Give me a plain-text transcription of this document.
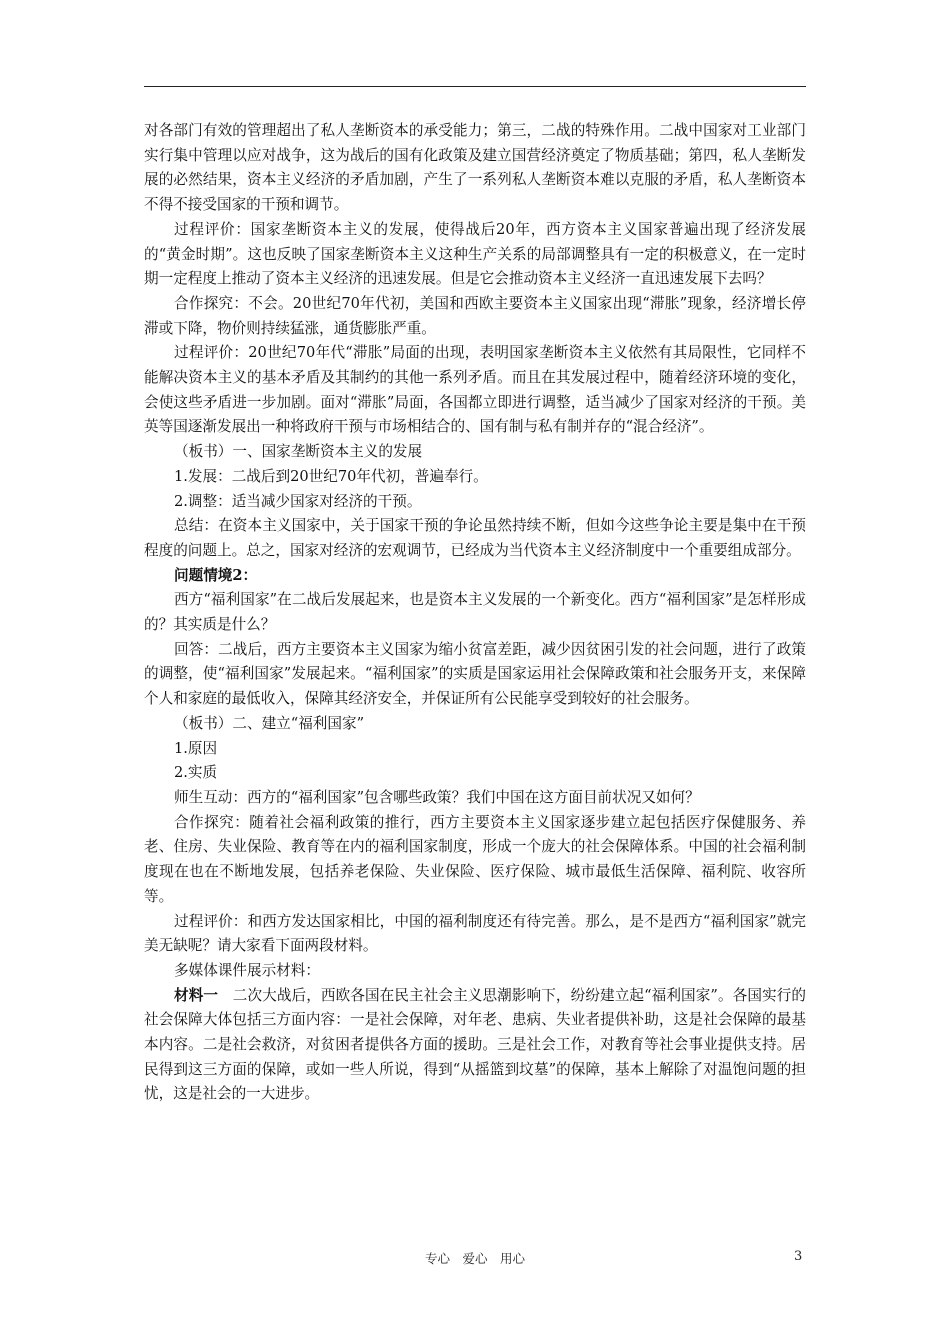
对各部门有效的管理超出了私人垄断资本的承受能力；第三，二战的特殊作用。二战中国家对工业部门实行集中管理以应对战争，这为战后的国有化政策及建立国营经济奠定了物质基础；第四，私人垄断发展的必然结果，资本主义经济的矛盾加剧，产生了一系列私人垄断资本难以克服的矛盾，私人垄断资本不得不接受国家的干预和调节。

过程评价：国家垄断资本主义的发展，使得战后20年，西方资本主义国家普遍出现了经济发展的“黄金时期”。这也反映了国家垄断资本主义这种生产关系的局部调整具有一定的积极意义，在一定时期一定程度上推动了资本主义经济的迅速发展。但是它会推动资本主义经济一直迅速发展下去吗？

合作探究：不会。20世纪70年代初，美国和西欧主要资本主义国家出现“滞胀”现象，经济增长停滞或下降，物价则持续猛涨，通货膨胀严重。

过程评价：20世纪70年代“滞胀”局面的出现，表明国家垄断资本主义依然有其局限性，它同样不能解决资本主义的基本矛盾及其制约的其他一系列矛盾。而且在其发展过程中，随着经济环境的变化，会使这些矛盾进一步加剧。面对“滞胀”局面，各国都立即进行调整，适当减少了国家对经济的干预。美英等国逐渐发展出一种将政府干预与市场相结合的、国有制与私有制并存的“混合经济”。

（板书）一、国家垄断资本主义的发展

1.发展：二战后到20世纪70年代初，普遍奉行。

2.调整：适当减少国家对经济的干预。

总结：在资本主义国家中，关于国家干预的争论虽然持续不断，但如今这些争论主要是集中在干预程度的问题上。总之，国家对经济的宏观调节，已经成为当代资本主义经济制度中一个重要组成部分。

问题情境2：

西方“福利国家”在二战后发展起来，也是资本主义发展的一个新变化。西方“福利国家”是怎样形成的？其实质是什么？

回答：二战后，西方主要资本主义国家为缩小贫富差距，减少因贫困引发的社会问题，进行了政策的调整，使“福利国家”发展起来。“福利国家”的实质是国家运用社会保障政策和社会服务开支，来保障个人和家庭的最低收入，保障其经济安全，并保证所有公民能享受到较好的社会服务。

（板书）二、建立“福利国家”

1.原因

2.实质

师生互动：西方的“福利国家”包含哪些政策？我们中国在这方面目前状况又如何？

合作探究：随着社会福利政策的推行，西方主要资本主义国家逐步建立起包括医疗保健服务、养老、住房、失业保险、教育等在内的福利国家制度，形成一个庞大的社会保障体系。中国的社会福利制度现在也在不断地发展，包括养老保险、失业保险、医疗保险、城市最低生活保障、福利院、收容所等。

过程评价：和西方发达国家相比，中国的福利制度还有待完善。那么，是不是西方“福利国家”就完美无缺呢？请大家看下面两段材料。

多媒体课件展示材料：

材料一　二次大战后，西欧各国在民主社会主义思潮影响下，纷纷建立起“福利国家”。各国实行的社会保障大体包括三方面内容：一是社会保障，对年老、患病、失业者提供补助，这是社会保障的最基本内容。二是社会救济，对贫困者提供各方面的援助。三是社会工作，对教育等社会事业提供支持。居民得到这三方面的保障，或如一些人所说，得到“从摇篮到坟墓”的保障，基本上解除了对温饱问题的担忧，这是社会的一大进步。

专心　爱心　用心	3
